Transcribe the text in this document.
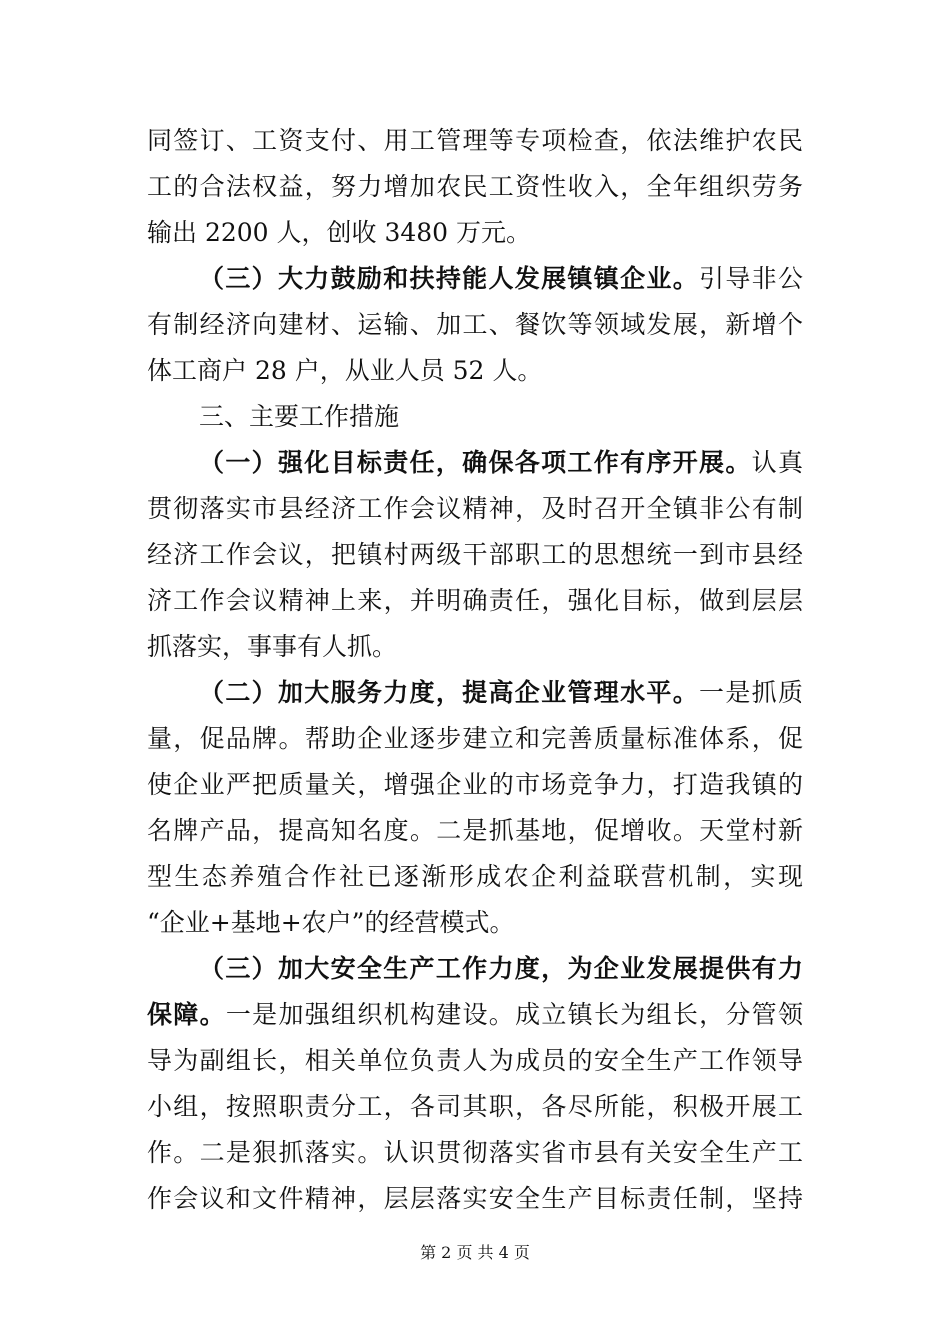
同签订、工资支付、用工管理等专项检查，依法维护农民
工的合法权益，努力增加农民工资性收入，全年组织劳务
输出 2200 人，创收 3480 万元。
（三）大力鼓励和扶持能人发展镇镇企业。引导非公
有制经济向建材、运输、加工、餐饮等领域发展，新增个
体工商户 28 户，从业人员 52 人。
三、主要工作措施
（一）强化目标责任，确保各项工作有序开展。认真
贯彻落实市县经济工作会议精神，及时召开全镇非公有制
经济工作会议，把镇村两级干部职工的思想统一到市县经
济工作会议精神上来，并明确责任，强化目标，做到层层
抓落实，事事有人抓。
（二）加大服务力度，提高企业管理水平。一是抓质
量，促品牌。帮助企业逐步建立和完善质量标准体系，促
使企业严把质量关，增强企业的市场竞争力，打造我镇的
名牌产品，提高知名度。二是抓基地，促增收。天堂村新
型生态养殖合作社已逐渐形成农企利益联营机制，实现
“企业+基地+农户”的经营模式。
（三）加大安全生产工作力度，为企业发展提供有力
保障。一是加强组织机构建设。成立镇长为组长，分管领
导为副组长，相关单位负责人为成员的安全生产工作领导
小组，按照职责分工，各司其职，各尽所能，积极开展工
作。二是狠抓落实。认识贯彻落实省市县有关安全生产工
作会议和文件精神，层层落实安全生产目标责任制，坚持
第 2 页 共 4 页
